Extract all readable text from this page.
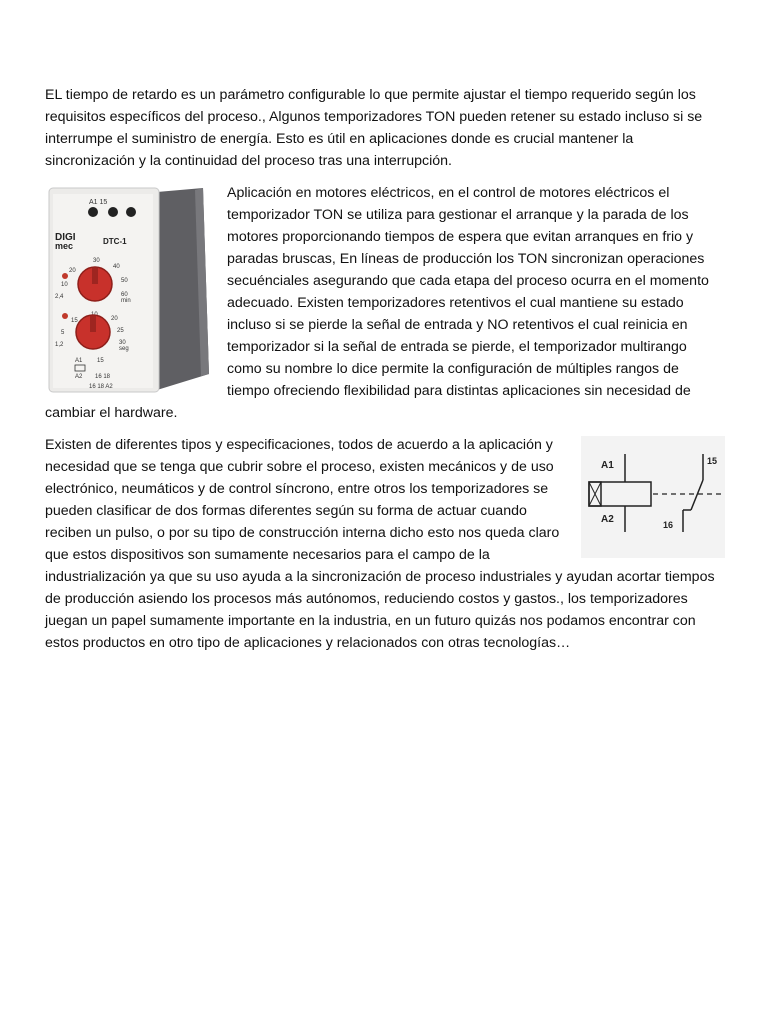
EL tiempo de retardo es un parámetro configurable lo que permite ajustar el tiempo requerido según los requisitos específicos del proceso., Algunos temporizadores TON pueden retener su estado incluso si se interrumpe el suministro de energía. Esto es útil en aplicaciones donde es crucial mantener la sincronización y la continuidad del proceso tras una interrupción.

A1 15
DIGI
mec	DTC-1
30
20
40
10
50
2,4	60
min
15	20
5	25
1,2	30
seg
A1 15
A2 16 18
16 18 A2

Aplicación en motores eléctricos, en el control de motores eléctricos el temporizador TON se utiliza para gestionar el arranque y la parada de los motores proporcionando tiempos de espera que evitan arranques en frio y paradas bruscas, En líneas de producción los TON sincronizan operaciones secuénciales asegurando que cada etapa del proceso ocurra en el momento adecuado. Existen temporizadores retentivos el cual mantiene su estado incluso si se pierde la señal de entrada y NO retentivos el cual reinicia en temporizador si la señal de entrada se pierde, el temporizador multirango como su nombre lo dice permite la configuración de múltiples rangos de tiempo ofreciendo flexibilidad para distintas aplicaciones sin necesidad de cambiar el hardware.

A1
A2
15
16

Existen de diferentes tipos y especificaciones, todos de acuerdo a la aplicación y necesidad que se tenga que cubrir sobre el proceso, existen mecánicos y de uso electrónico, neumáticos y de control síncrono, entre otros los temporizadores se pueden clasificar de dos formas diferentes según su forma de actuar cuando reciben un pulso, o por su tipo de construcción interna dicho esto nos queda claro que estos dispositivos son sumamente necesarios para el campo de la industrialización ya que su uso ayuda a la sincronización de proceso industriales y ayudan acortar tiempos de producción asiendo los procesos más autónomos, reduciendo costos y gastos., los temporizadores juegan un papel sumamente importante en la industria, en un futuro quizás nos podamos encontrar con estos productos en otro tipo de aplicaciones y relacionados con otras tecnologías…
